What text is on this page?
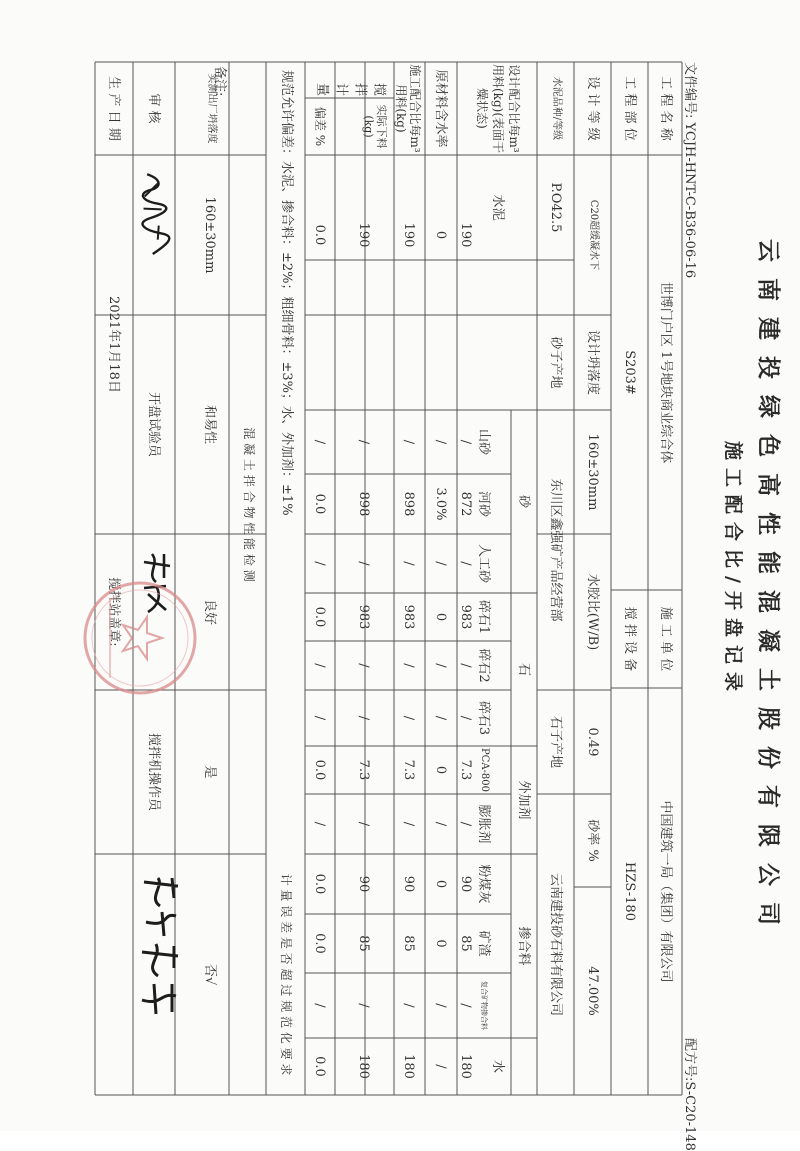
云南建投绿色高性能混凝土股份有限公司
施工配合比/开盘记录
文件编号: YCJH-HNT-C-B36-06-16
配方号:S-C20-148
工 程 名 称
世博门户区 1号地块商业综合体
施 工 单 位
中国建筑一局（集团）有限公司
工 程 部 位
S203#
搅 拌 设 备
HZS-180
设 计 等 级
C20超缓凝水下
设计坍落度
160±30mm
水胶比(W/B)
0.49
砂率 %
47.00%
水泥品种/等级
P.O42.5
砂子产地
东川区鑫强矿产品经营部
石子产地
云南建投砂石料有限公司
水泥
砂
石
外加剂
掺合料
水
山砂
河砂
人工砂
碎石1
碎石2
碎石3
PCA-800
膨胀剂
粉煤灰
矿渣
复合矿物掺合料
设计配合比每m³用料(kg)(表面干燥状态)
原材料含水率
施工配合比每m³用料(kg)
搅拌计量
实际下料(kg)
偏差 %
190
/
872
/
983
/
/
7.3
/
90
85
/
180
0
/
3.0%
/
0
/
/
0
/
0
0
/
/
190
/
898
/
983
/
/
7.3
/
90
85
/
180
190
/
898
/
983
/
/
7.3
/
90
85
/
180
0.0
/
0.0
/
0.0
/
/
0.0
/
0.0
0.0
/
0.0
规范允许偏差：水泥、掺合料：±2%；粗细骨料：±3%；水、外加剂：±1%
计 量 误 差 是 否 超 过 规 范 化 要 求
混 凝 土 拌 合 物 性 能 检 测
实测出厂坍落度
160±30mm
和易性
良好
是
否√
备注:
审 核
开盘试验员
搅拌机操作员
生 产 日 期
2021年1月18日
搅拌站盖章:
